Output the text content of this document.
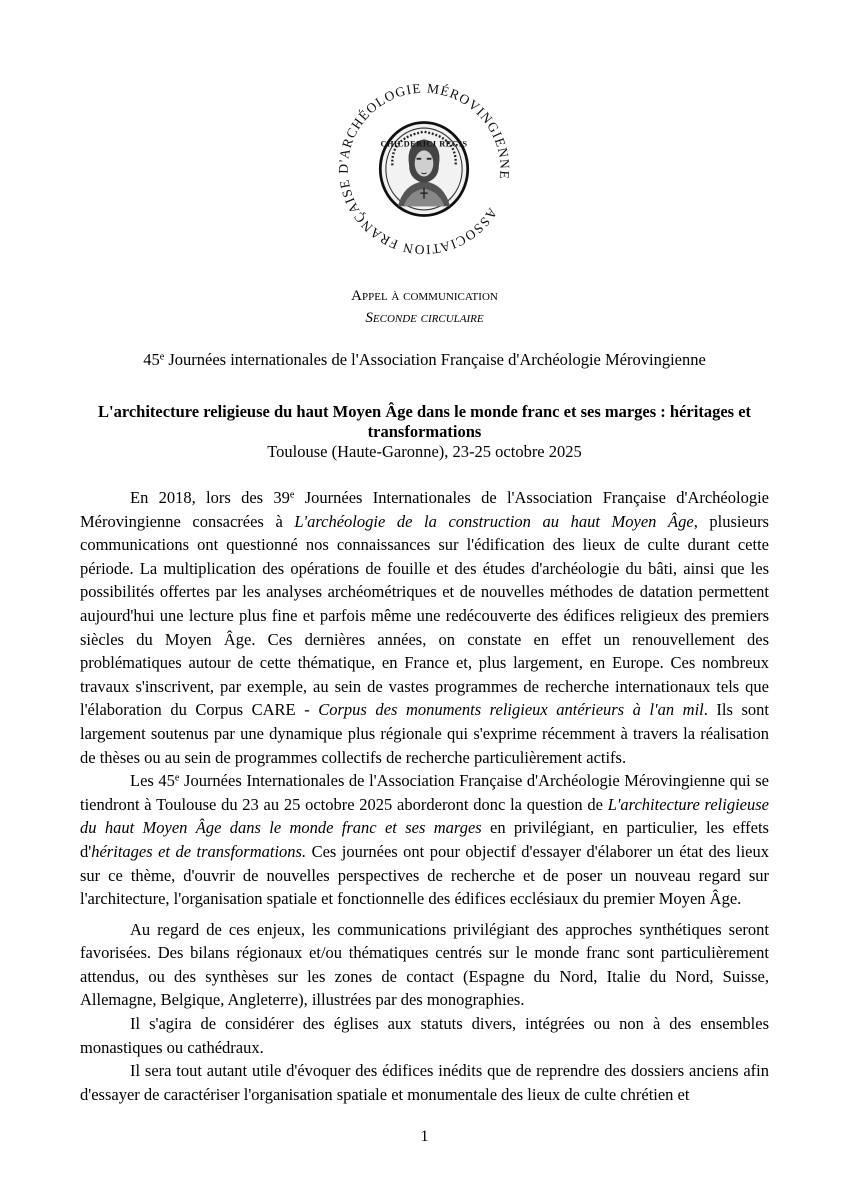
ASSOCIATION FRANÇAISE D'ARCHÉOLOGIE MÉROVINGIENNE
CHILDERICI REGIS
Appel à communication
Seconde circulaire
45e Journées internationales de l'Association Française d'Archéologie Mérovingienne
L'architecture religieuse du haut Moyen Âge dans le monde franc et ses marges : héritages et
transformations
Toulouse (Haute-Garonne), 23-25 octobre 2025

En 2018, lors des 39e Journées Internationales de l'Association Française d'Archéologie Mérovingienne consacrées à L'archéologie de la construction au haut Moyen Âge, plusieurs communications ont questionné nos connaissances sur l'édification des lieux de culte durant cette période. La multiplication des opérations de fouille et des études d'archéologie du bâti, ainsi que les possibilités offertes par les analyses archéométriques et de nouvelles méthodes de datation permettent aujourd'hui une lecture plus fine et parfois même une redécouverte des édifices religieux des premiers siècles du Moyen Âge. Ces dernières années, on constate en effet un renouvellement des problématiques autour de cette thématique, en France et, plus largement, en Europe. Ces nombreux travaux s'inscrivent, par exemple, au sein de vastes programmes de recherche internationaux tels que l'élaboration du Corpus CARE - Corpus des monuments religieux antérieurs à l'an mil. Ils sont largement soutenus par une dynamique plus régionale qui s'exprime récemment à travers la réalisation de thèses ou au sein de programmes collectifs de recherche particulièrement actifs.

Les 45e Journées Internationales de l'Association Française d'Archéologie Mérovingienne qui se tiendront à Toulouse du 23 au 25 octobre 2025 aborderont donc la question de L'architecture religieuse du haut Moyen Âge dans le monde franc et ses marges en privilégiant, en particulier, les effets d'héritages et de transformations. Ces journées ont pour objectif d'essayer d'élaborer un état des lieux sur ce thème, d'ouvrir de nouvelles perspectives de recherche et de poser un nouveau regard sur l'architecture, l'organisation spatiale et fonctionnelle des édifices ecclésiaux du premier Moyen Âge.

Au regard de ces enjeux, les communications privilégiant des approches synthétiques seront favorisées. Des bilans régionaux et/ou thématiques centrés sur le monde franc sont particulièrement attendus, ou des synthèses sur les zones de contact (Espagne du Nord, Italie du Nord, Suisse, Allemagne, Belgique, Angleterre), illustrées par des monographies.

Il s'agira de considérer des églises aux statuts divers, intégrées ou non à des ensembles monastiques ou cathédraux.

Il sera tout autant utile d'évoquer des édifices inédits que de reprendre des dossiers anciens afin d'essayer de caractériser l'organisation spatiale et monumentale des lieux de culte chrétien et

1
